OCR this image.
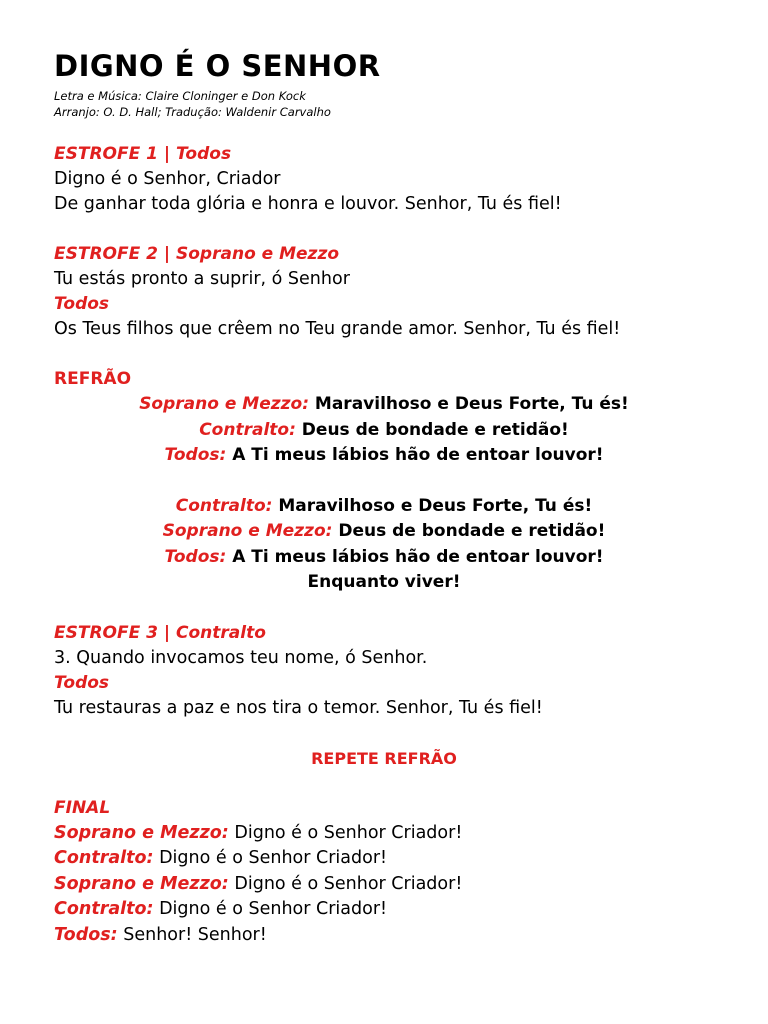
DIGNO É O SENHOR

Letra e Música: Claire Cloninger e Don Kock

Arranjo: O. D. Hall; Tradução: Waldenir Carvalho

ESTROFE 1 | Todos

Digno é o Senhor, Criador

De ganhar toda glória e honra e louvor. Senhor, Tu és fiel!

ESTROFE 2 | Soprano e Mezzo

Tu estás pronto a suprir, ó Senhor

Todos

Os Teus filhos que crêem no Teu grande amor. Senhor, Tu és fiel!

REFRÃO

Soprano e Mezzo: Maravilhoso e Deus Forte, Tu és!

Contralto: Deus de bondade e retidão!

Todos: A Ti meus lábios hão de entoar louvor!

Contralto: Maravilhoso e Deus Forte, Tu és!

Soprano e Mezzo: Deus de bondade e retidão!

Todos: A Ti meus lábios hão de entoar louvor!

Enquanto viver!

ESTROFE 3 | Contralto

3. Quando invocamos teu nome, ó Senhor.

Todos

Tu restauras a paz e nos tira o temor. Senhor, Tu és fiel!

REPETE REFRÃO

FINAL

Soprano e Mezzo: Digno é o Senhor Criador!

Contralto: Digno é o Senhor Criador!

Soprano e Mezzo: Digno é o Senhor Criador!

Contralto: Digno é o Senhor Criador!

Todos: Senhor! Senhor!
